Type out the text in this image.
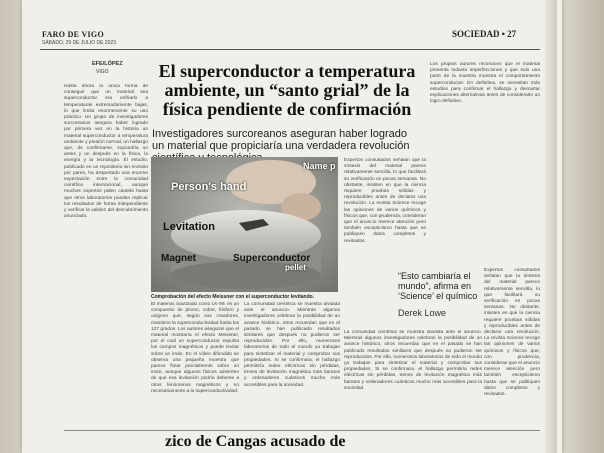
FARO DE VIGO
SÁBADO, 29 DE JULIO DE 2023
SOCIEDAD • 27
EFE/LÓPEZ
VIGO	El superconductor a temperatura ambiente, un “santo grial” de la física pendiente de confirmación
Investigadores surcoreanos aseguran haber logrado un material que propiciaría una verdadera revolución
Hasta ahora la única forma de conseguir que un material sea superconductor era enfriarlo a temperaturas extremadamente bajas, lo que limita enormemente su uso práctico. Un grupo de investigadores surcoreanos asegura haber logrado por primera vez en la historia un material superconductor a temperatura ambiente y presión normal, un hallazgo que, de confirmarse, supondría un antes y un después en la física, la energía y la tecnología. El estudio, publicado en un repositorio sin revisión por pares, ha despertado una enorme expectación entre la comunidad científica internacional, aunque muchos expertos piden cautela hasta que otros laboratorios puedan replicar los resultados de forma independiente y verificar la validez del descubrimiento anunciado.
El material, bautizado como LK-99, es un compuesto de plomo, cobre, fósforo y oxígeno que, según sus creadores, mantiene la superconductividad hasta los 127 grados. Los autores aseguran que el material mostraría el efecto Meissner, por el cual un superconductor expulsa los campos magnéticos y puede levitar sobre un imán. En el vídeo difundido se observa una pequeña muestra que parece flotar parcialmente sobre un imán, aunque algunos físicos advierten de que esa levitación podría deberse a otros fenómenos magnéticos y no necesariamente a la superconductividad.
La comunidad científica se muestra dividida ante el anuncio. Mientras algunos investigadores celebran la posibilidad de un avance histórico, otros recuerdan que en el pasado se han publicado resultados similares que después no pudieron ser reproducidos. Por ello, numerosos laboratorios de todo el mundo ya trabajan para sintetizar el material y comprobar sus propiedades. Si se confirmara, el hallazgo permitiría redes eléctricas sin pérdidas, trenes de levitación magnética más baratos y ordenadores cuánticos mucho más accesibles para la sociedad.
Expertos consultados señalan que la síntesis del material parece relativamente sencilla, lo que facilitará su verificación en pocas semanas. No obstante, insisten en que la ciencia requiere pruebas sólidas y reproducibles antes de declarar una revolución. La revista Science recoge las opiniones de varios químicos y físicos que, con prudencia, consideran que el anuncio merece atención pero también escepticismo hasta que se publiquen datos completos y revisados.
La comunidad científica se muestra dividida ante el anuncio. Mientras algunos investigadores celebran la posibilidad de un avance histórico, otros recuerdan que en el pasado se han publicado resultados similares que después no pudieron ser reproducidos. Por ello, numerosos laboratorios de todo el mundo ya trabajan para sintetizar el material y comprobar sus propiedades. Si se confirmara, el hallazgo permitiría redes eléctricas sin pérdidas, trenes de levitación magnética más baratos y ordenadores cuánticos mucho más accesibles para la sociedad.
Los propios autores reconocen que el material presenta todavía imperfecciones y que solo una parte de la muestra muestra el comportamiento superconductor. En definitiva, se necesitan más estudios para confirmar el hallazgo y descartar explicaciones alternativas antes de considerarlo un logro definitivo.
Expertos consultados señalan que la síntesis del material parece relativamente sencilla, lo que facilitará su verificación en pocas semanas. No obstante, insisten en que la ciencia requiere pruebas sólidas y reproducibles antes de declarar una revolución. La revista Science recoge las opiniones de varios químicos y físicos que, con prudencia, consideran que el anuncio merece atención pero también escepticismo hasta que se publiquen datos completos y revisados.
Person's hand
Levitation
Magnet	Superconductor
pellet
Name p
Comprobación del efecto Meissner con el superconductor levitando.
“Esto cambiaría el mundo”, afirma en ‘Science’ el químico
Derek Lowe
zico de Cangas acusado de
